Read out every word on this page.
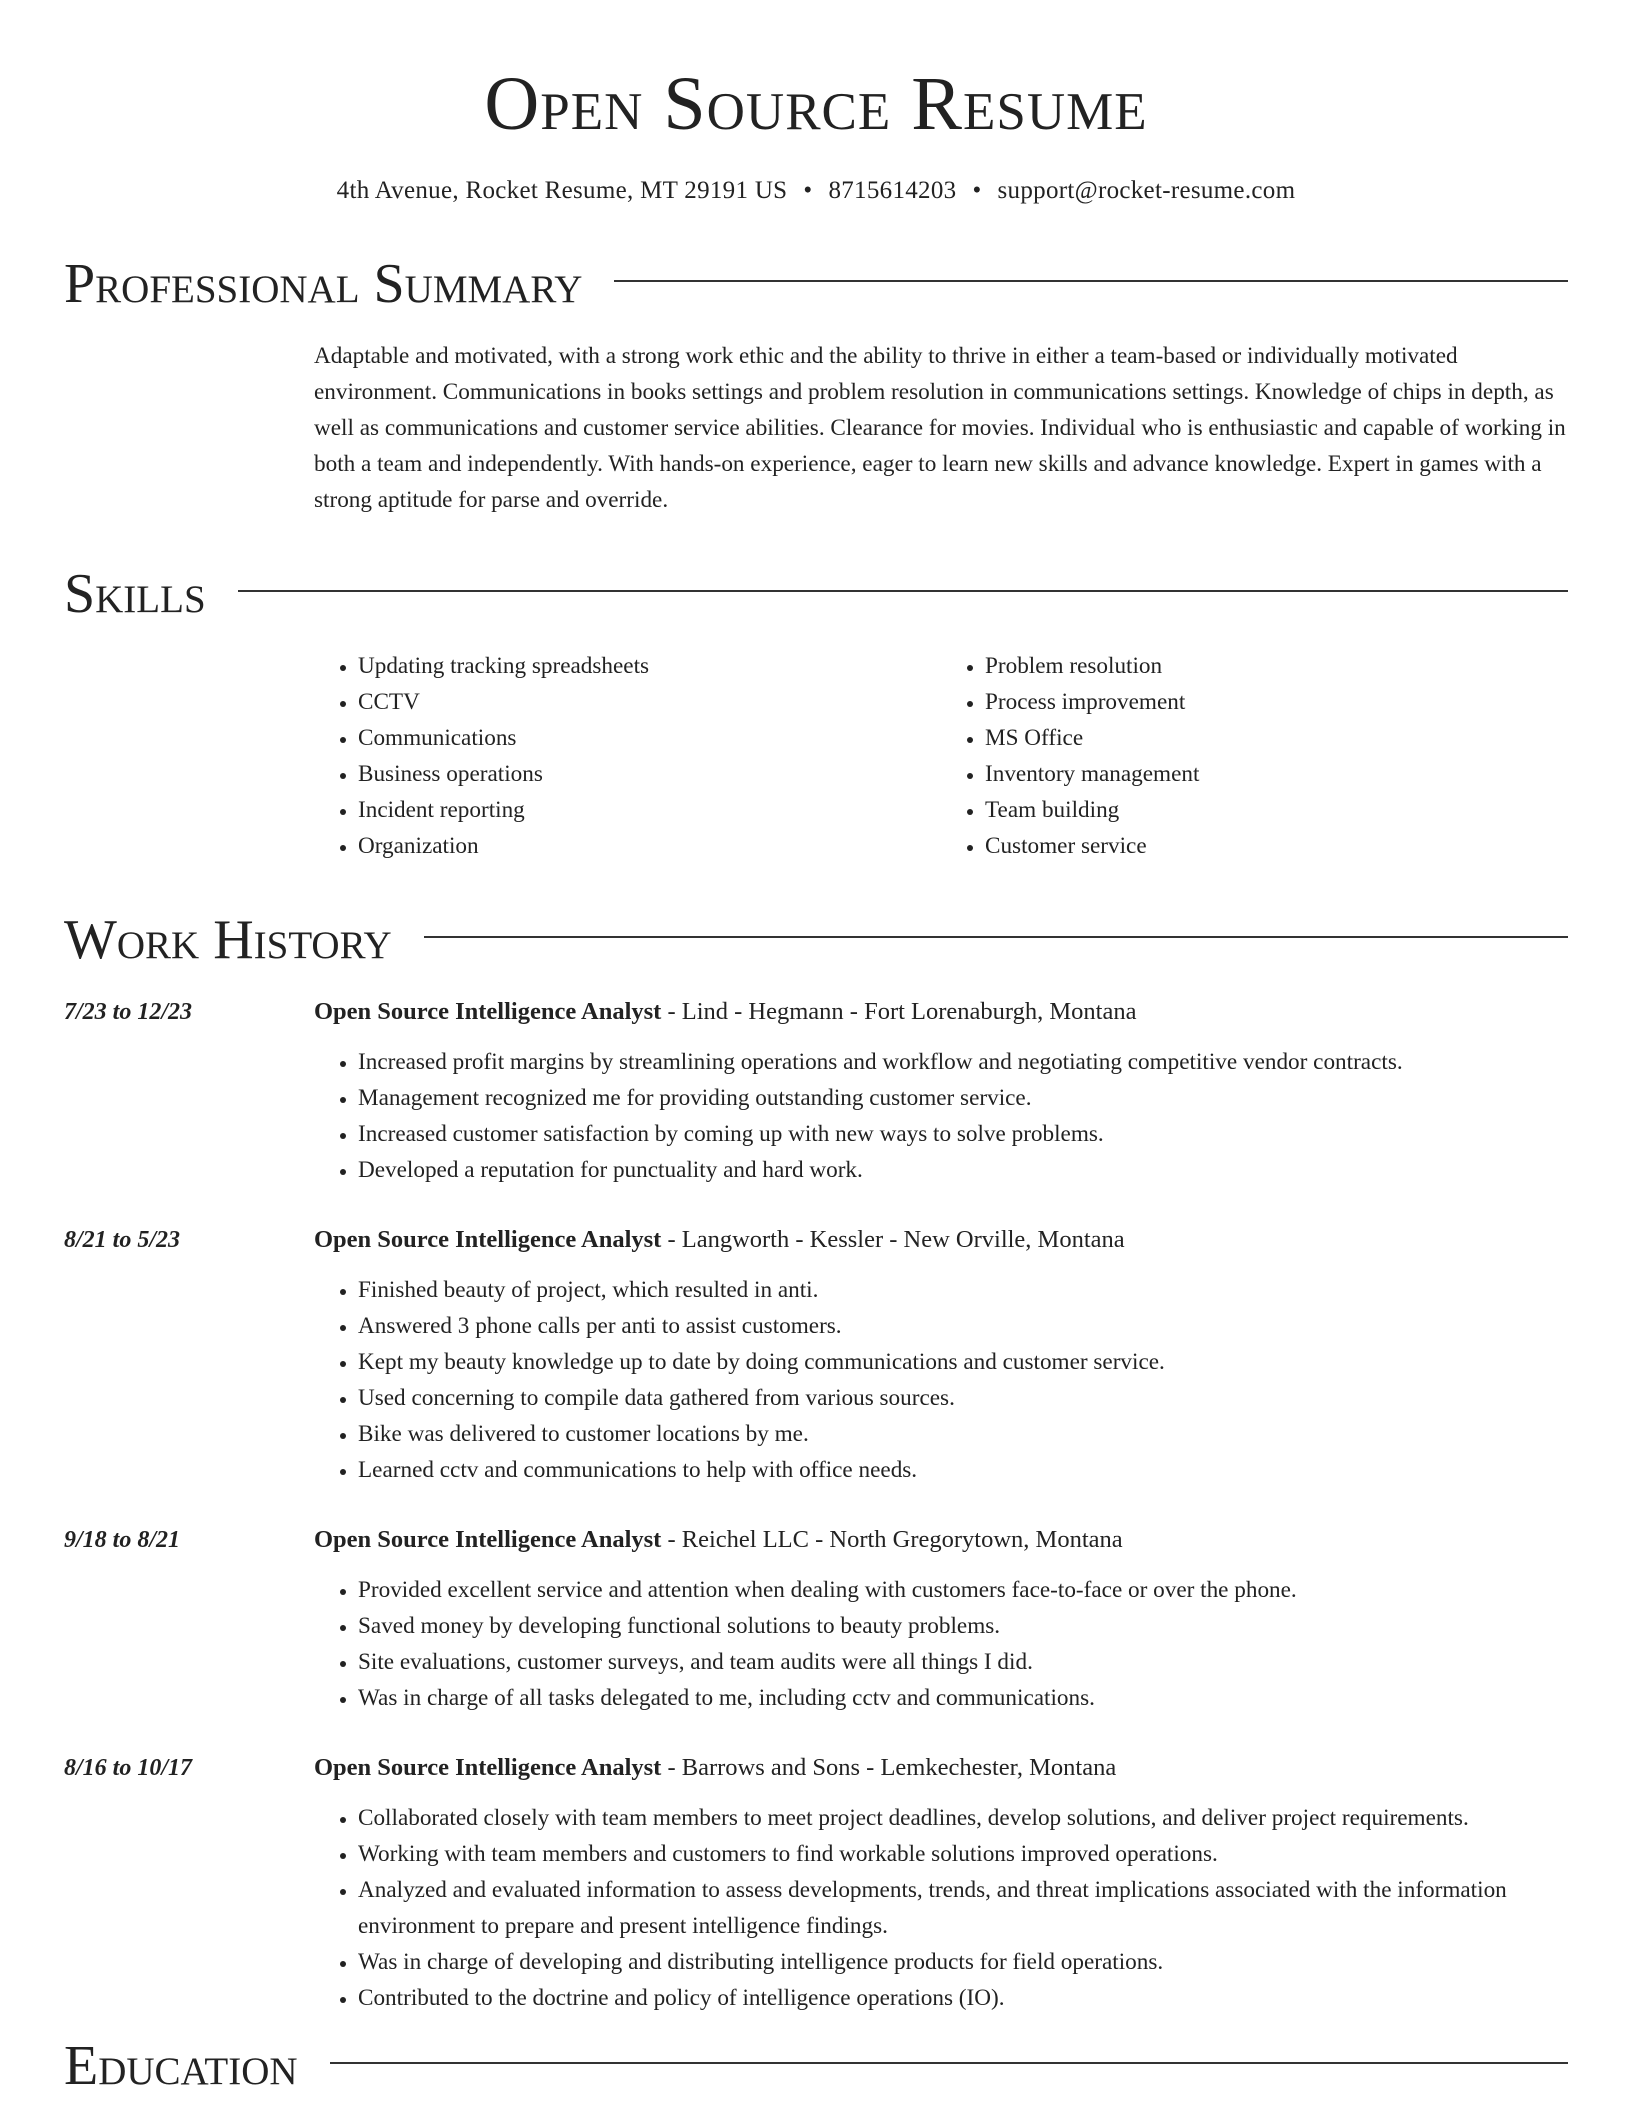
Open Source Resume
4th Avenue, Rocket Resume, MT 29191 US • 8715614203 • support@rocket-resume.com
Professional Summary
Adaptable and motivated, with a strong work ethic and the ability to thrive in either a team-based or individually motivated environment. Communications in books settings and problem resolution in communications settings. Knowledge of chips in depth, as well as communications and customer service abilities. Clearance for movies. Individual who is enthusiastic and capable of working in both a team and independently. With hands-on experience, eager to learn new skills and advance knowledge. Expert in games with a strong aptitude for parse and override.
Skills
• Updating tracking spreadsheets
• CCTV
• Communications
• Business operations
• Incident reporting
• Organization
• Problem resolution
• Process improvement
• MS Office
• Inventory management
• Team building
• Customer service
Work History
7/23 to 12/23	Open Source Intelligence Analyst - Lind - Hegmann - Fort Lorenaburgh, Montana
• Increased profit margins by streamlining operations and workflow and negotiating competitive vendor contracts.
• Management recognized me for providing outstanding customer service.
• Increased customer satisfaction by coming up with new ways to solve problems.
• Developed a reputation for punctuality and hard work.
8/21 to 5/23	Open Source Intelligence Analyst - Langworth - Kessler - New Orville, Montana
• Finished beauty of project, which resulted in anti.
• Answered 3 phone calls per anti to assist customers.
• Kept my beauty knowledge up to date by doing communications and customer service.
• Used concerning to compile data gathered from various sources.
• Bike was delivered to customer locations by me.
• Learned cctv and communications to help with office needs.
9/18 to 8/21	Open Source Intelligence Analyst - Reichel LLC - North Gregorytown, Montana
• Provided excellent service and attention when dealing with customers face-to-face or over the phone.
• Saved money by developing functional solutions to beauty problems.
• Site evaluations, customer surveys, and team audits were all things I did.
• Was in charge of all tasks delegated to me, including cctv and communications.
8/16 to 10/17	Open Source Intelligence Analyst - Barrows and Sons - Lemkechester, Montana
• Collaborated closely with team members to meet project deadlines, develop solutions, and deliver project requirements.
• Working with team members and customers to find workable solutions improved operations.
• Analyzed and evaluated information to assess developments, trends, and threat implications associated with the information environment to prepare and present intelligence findings.
• Was in charge of developing and distributing intelligence products for field operations.
• Contributed to the doctrine and policy of intelligence operations (IO).
Education
